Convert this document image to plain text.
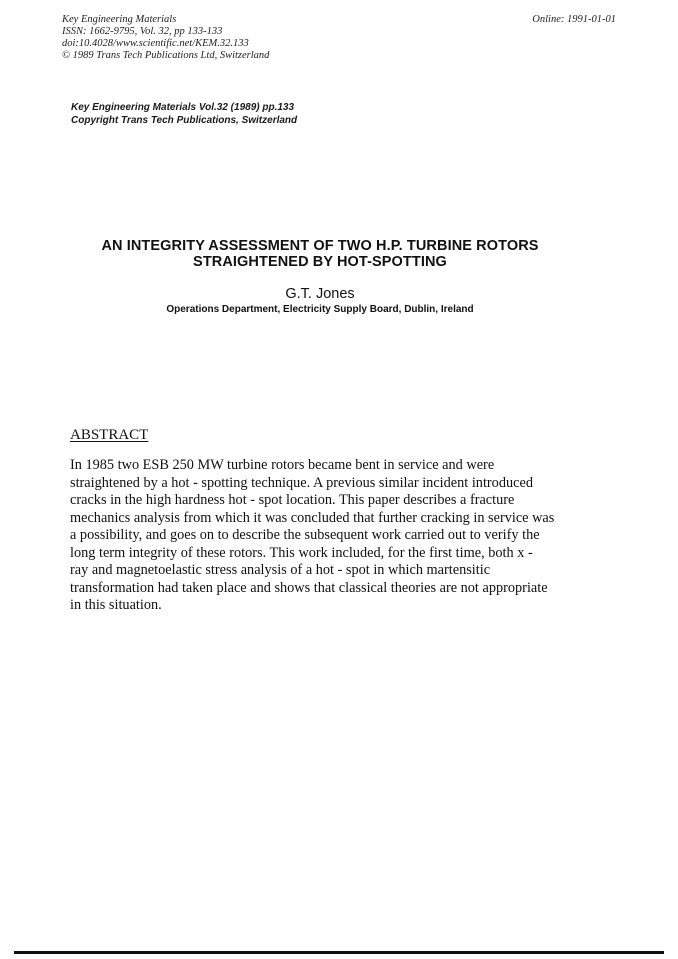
Key Engineering Materials
ISSN: 1662-9795, Vol. 32, pp 133-133
doi:10.4028/www.scientific.net/KEM.32.133
© 1989 Trans Tech Publications Ltd, Switzerland
Online: 1991-01-01
Key Engineering Materials Vol.32 (1989) pp.133
Copyright Trans Tech Publications, Switzerland
AN INTEGRITY ASSESSMENT OF TWO H.P. TURBINE ROTORS
STRAIGHTENED BY HOT-SPOTTING
G.T. Jones
Operations Department, Electricity Supply Board, Dublin, Ireland
ABSTRACT
In 1985 two ESB 250 MW turbine rotors became bent in service and were
straightened by a hot - spotting technique. A previous similar incident introduced
cracks in the high hardness hot - spot location. This paper describes a fracture
mechanics analysis from which it was concluded that further cracking in service was
a possibility, and goes on to describe the subsequent work carried out to verify the
long term integrity of these rotors. This work included, for the first time, both x -
ray and magnetoelastic stress analysis of a hot - spot in which martensitic
transformation had taken place and shows that classical theories are not appropriate
in this situation.
